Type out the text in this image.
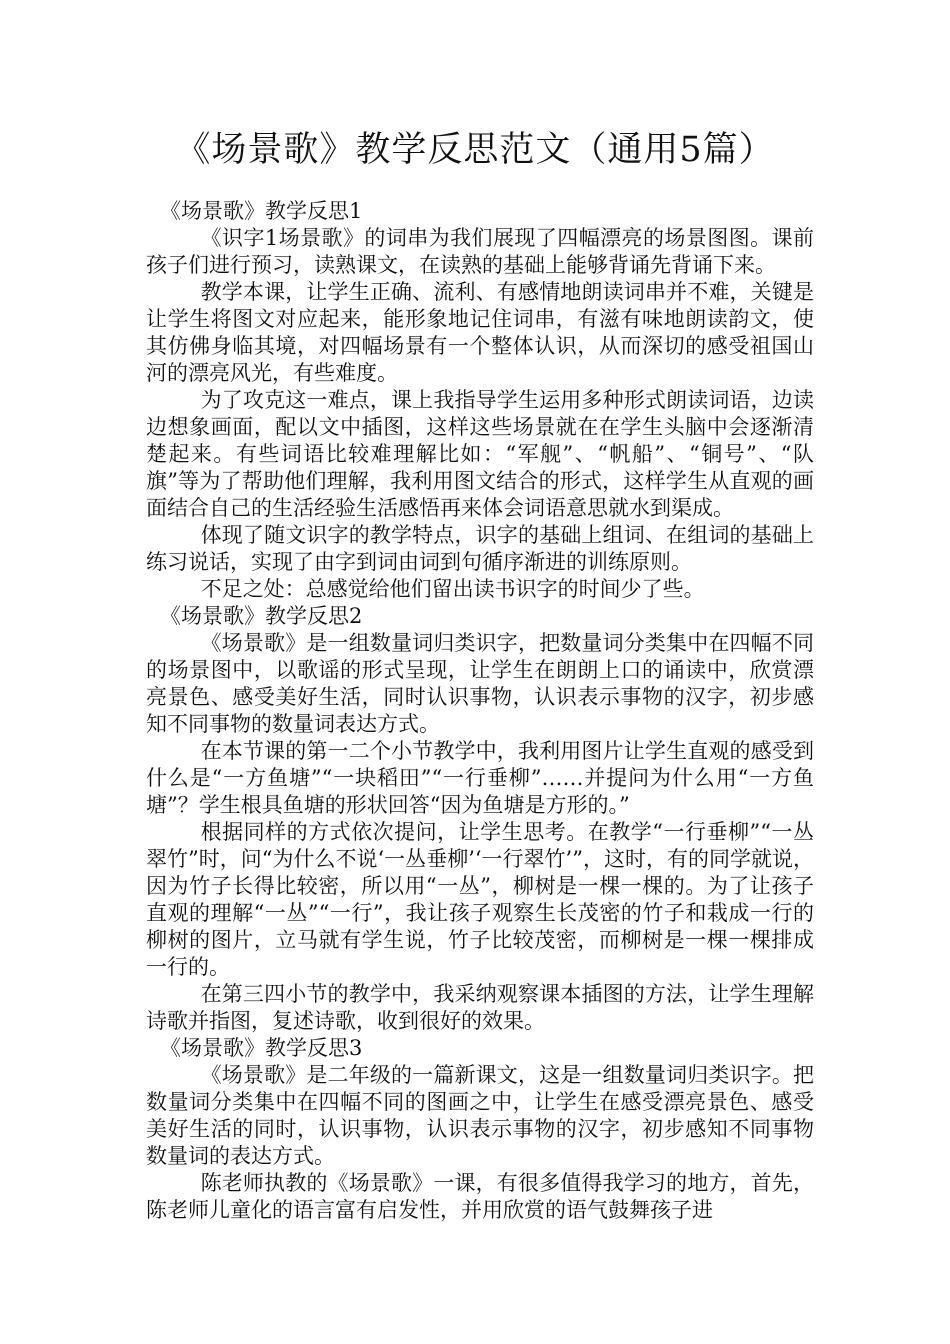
《场景歌》教学反思范文（通用5篇）

《场景歌》教学反思1

《识字1场景歌》的词串为我们展现了四幅漂亮的场景图图。课前孩子们进行预习，读熟课文，在读熟的基础上能够背诵先背诵下来。

教学本课，让学生正确、流利、有感情地朗读词串并不难，关键是让学生将图文对应起来，能形象地记住词串，有滋有味地朗读韵文，使其仿佛身临其境，对四幅场景有一个整体认识，从而深切的感受祖国山河的漂亮风光，有些难度。

为了攻克这一难点，课上我指导学生运用多种形式朗读词语，边读边想象画面，配以文中插图，这样这些场景就在在学生头脑中会逐渐清楚起来。有些词语比较难理解比如：“军舰”、“帆船”、“铜号”、“队旗”等为了帮助他们理解，我利用图文结合的形式，这样学生从直观的画面结合自己的生活经验生活感悟再来体会词语意思就水到渠成。

体现了随文识字的教学特点，识字的基础上组词、在组词的基础上练习说话，实现了由字到词由词到句循序渐进的训练原则。

不足之处：总感觉给他们留出读书识字的时间少了些。

《场景歌》教学反思2

《场景歌》是一组数量词归类识字，把数量词分类集中在四幅不同的场景图中，以歌谣的形式呈现，让学生在朗朗上口的诵读中，欣赏漂亮景色、感受美好生活，同时认识事物，认识表示事物的汉字，初步感知不同事物的数量词表达方式。

在本节课的第一二个小节教学中，我利用图片让学生直观的感受到什么是“一方鱼塘”“一块稻田”“一行垂柳”……并提问为什么用“一方鱼塘”？学生根具鱼塘的形状回答“因为鱼塘是方形的。”

根据同样的方式依次提问，让学生思考。在教学“一行垂柳”“一丛翠竹”时，问“为什么不说‘一丛垂柳’‘一行翠竹’”，这时，有的同学就说，因为竹子长得比较密，所以用“一丛”，柳树是一棵一棵的。为了让孩子直观的理解“一丛”“一行”，我让孩子观察生长茂密的竹子和栽成一行的柳树的图片，立马就有学生说，竹子比较茂密，而柳树是一棵一棵排成一行的。

在第三四小节的教学中，我采纳观察课本插图的方法，让学生理解诗歌并指图，复述诗歌，收到很好的效果。

《场景歌》教学反思3

《场景歌》是二年级的一篇新课文，这是一组数量词归类识字。把数量词分类集中在四幅不同的图画之中，让学生在感受漂亮景色、感受美好生活的同时，认识事物，认识表示事物的汉字，初步感知不同事物数量词的表达方式。

陈老师执教的《场景歌》一课，有很多值得我学习的地方，首先，陈老师儿童化的语言富有启发性，并用欣赏的语气鼓舞孩子进
